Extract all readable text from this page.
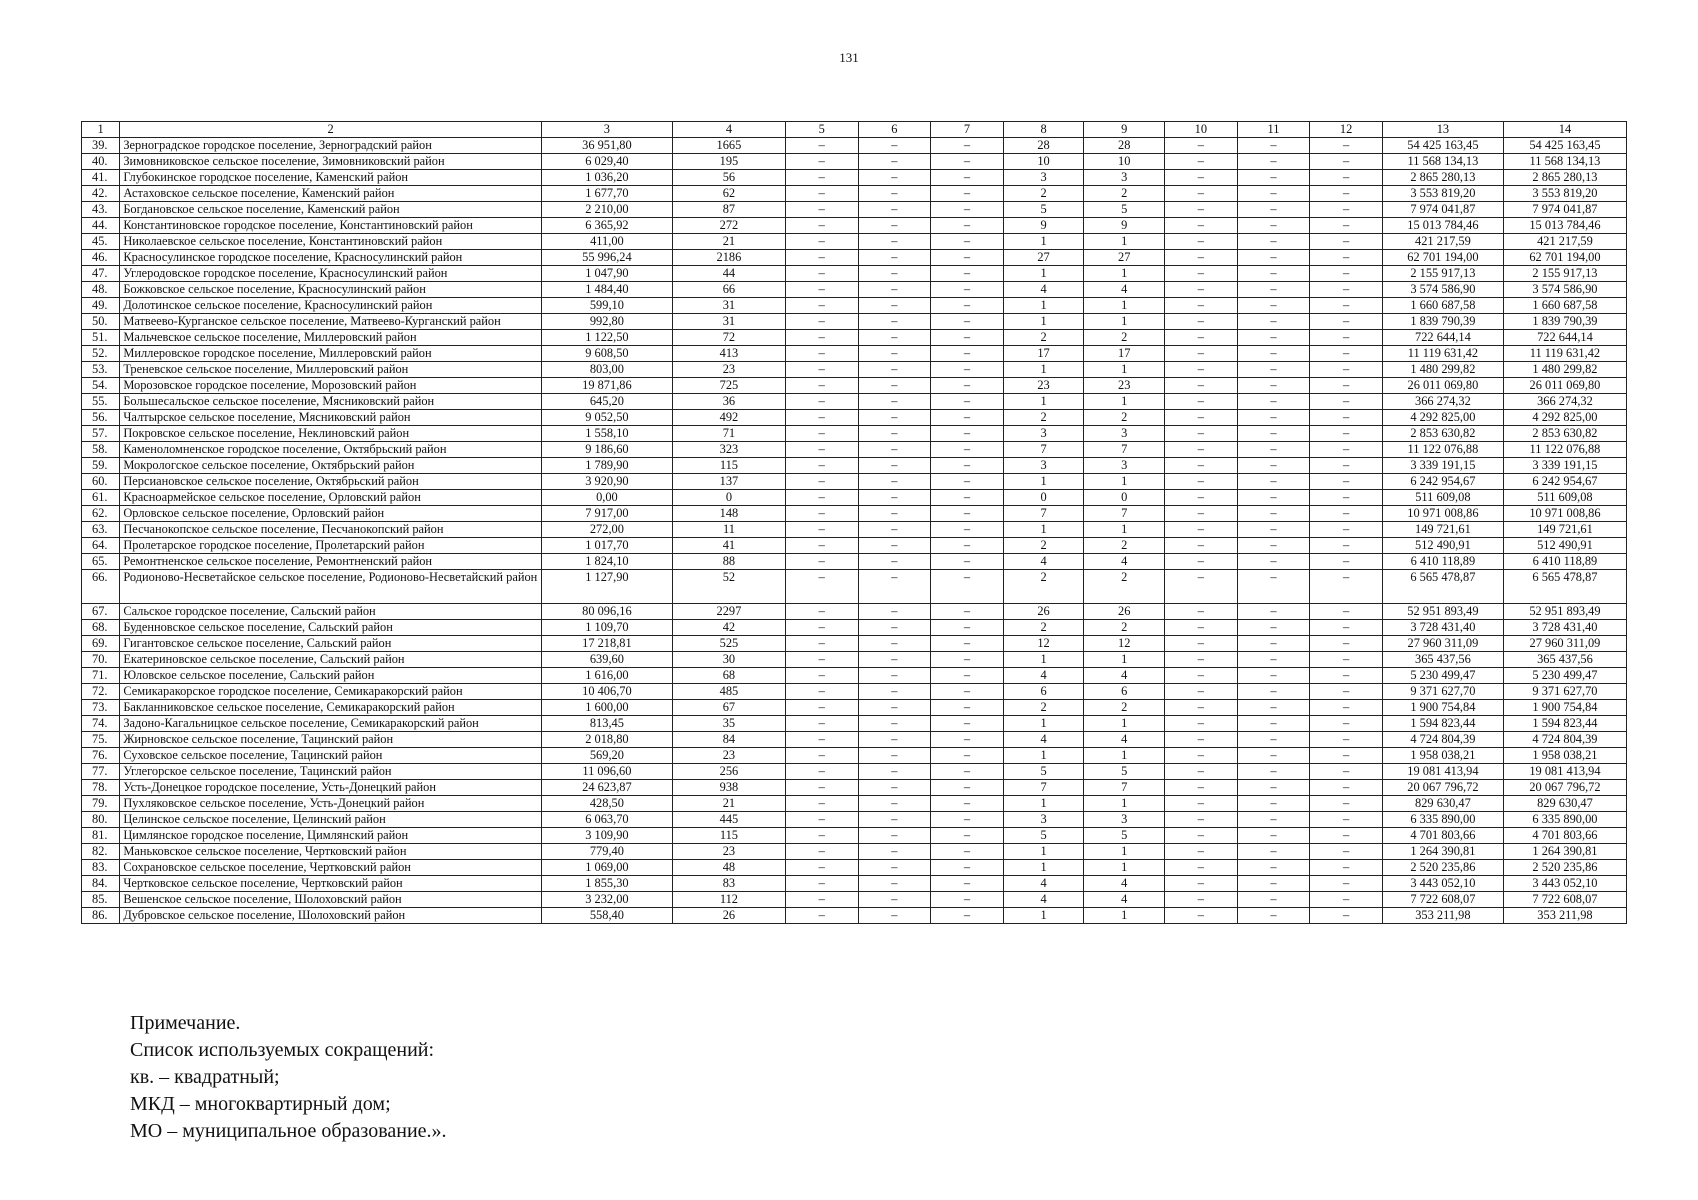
131
1	2	3	4	5	6	7	8	9	10	11	12	13	14
39.	Зерноградское городское поселение, Зерноградский район	36 951,80	1665	–	–	–	28	28	–	–	–	54 425 163,45	54 425 163,45
40.	Зимовниковское сельское поселение, Зимовниковский район	6 029,40	195	–	–	–	10	10	–	–	–	11 568 134,13	11 568 134,13
41.	Глубокинское городское поселение, Каменский район	1 036,20	56	–	–	–	3	3	–	–	–	2 865 280,13	2 865 280,13
42.	Астаховское сельское поселение, Каменский район	1 677,70	62	–	–	–	2	2	–	–	–	3 553 819,20	3 553 819,20
43.	Богдановское сельское поселение, Каменский район	2 210,00	87	–	–	–	5	5	–	–	–	7 974 041,87	7 974 041,87
44.	Константиновское городское поселение, Константиновский район	6 365,92	272	–	–	–	9	9	–	–	–	15 013 784,46	15 013 784,46
45.	Николаевское сельское поселение, Константиновский район	411,00	21	–	–	–	1	1	–	–	–	421 217,59	421 217,59
46.	Красносулинское городское поселение, Красносулинский район	55 996,24	2186	–	–	–	27	27	–	–	–	62 701 194,00	62 701 194,00
47.	Углеродовское городское поселение, Красносулинский район	1 047,90	44	–	–	–	1	1	–	–	–	2 155 917,13	2 155 917,13
48.	Божковское сельское поселение, Красносулинский район	1 484,40	66	–	–	–	4	4	–	–	–	3 574 586,90	3 574 586,90
49.	Долотинское сельское поселение, Красносулинский район	599,10	31	–	–	–	1	1	–	–	–	1 660 687,58	1 660 687,58
50.	Матвеево-Курганское сельское поселение, Матвеево-Курганский район	992,80	31	–	–	–	1	1	–	–	–	1 839 790,39	1 839 790,39
51.	Мальчевское сельское поселение, Миллеровский район	1 122,50	72	–	–	–	2	2	–	–	–	722 644,14	722 644,14
52.	Миллеровское городское поселение, Миллеровский район	9 608,50	413	–	–	–	17	17	–	–	–	11 119 631,42	11 119 631,42
53.	Треневское сельское поселение, Миллеровский район	803,00	23	–	–	–	1	1	–	–	–	1 480 299,82	1 480 299,82
54.	Морозовское городское поселение, Морозовский район	19 871,86	725	–	–	–	23	23	–	–	–	26 011 069,80	26 011 069,80
55.	Большесальское сельское поселение, Мясниковский район	645,20	36	–	–	–	1	1	–	–	–	366 274,32	366 274,32
56.	Чалтырское сельское поселение, Мясниковский район	9 052,50	492	–	–	–	2	2	–	–	–	4 292 825,00	4 292 825,00
57.	Покровское сельское поселение, Неклиновский район	1 558,10	71	–	–	–	3	3	–	–	–	2 853 630,82	2 853 630,82
58.	Каменоломненское городское поселение, Октябрьский район	9 186,60	323	–	–	–	7	7	–	–	–	11 122 076,88	11 122 076,88
59.	Мокрологское сельское поселение, Октябрьский район	1 789,90	115	–	–	–	3	3	–	–	–	3 339 191,15	3 339 191,15
60.	Персиановское сельское поселение, Октябрьский район	3 920,90	137	–	–	–	1	1	–	–	–	6 242 954,67	6 242 954,67
61.	Красноармейское сельское поселение, Орловский район	0,00	0	–	–	–	0	0	–	–	–	511 609,08	511 609,08
62.	Орловское сельское поселение, Орловский район	7 917,00	148	–	–	–	7	7	–	–	–	10 971 008,86	10 971 008,86
63.	Песчанокопское сельское поселение, Песчанокопский район	272,00	11	–	–	–	1	1	–	–	–	149 721,61	149 721,61
64.	Пролетарское городское поселение, Пролетарский район	1 017,70	41	–	–	–	2	2	–	–	–	512 490,91	512 490,91
65.	Ремонтненское сельское поселение, Ремонтненский район	1 824,10	88	–	–	–	4	4	–	–	–	6 410 118,89	6 410 118,89
66.	Родионово-Несветайское сельское поселение, Родионово-Несветайский район	1 127,90	52	–	–	–	2	2	–	–	–	6 565 478,87	6 565 478,87
67.	Сальское городское поселение, Сальский район	80 096,16	2297	–	–	–	26	26	–	–	–	52 951 893,49	52 951 893,49
68.	Буденновское сельское поселение, Сальский район	1 109,70	42	–	–	–	2	2	–	–	–	3 728 431,40	3 728 431,40
69.	Гигантовское сельское поселение, Сальский район	17 218,81	525	–	–	–	12	12	–	–	–	27 960 311,09	27 960 311,09
70.	Екатериновское сельское поселение, Сальский район	639,60	30	–	–	–	1	1	–	–	–	365 437,56	365 437,56
71.	Юловское сельское поселение, Сальский район	1 616,00	68	–	–	–	4	4	–	–	–	5 230 499,47	5 230 499,47
72.	Семикаракорское городское поселение, Семикаракорский район	10 406,70	485	–	–	–	6	6	–	–	–	9 371 627,70	9 371 627,70
73.	Бакланниковское сельское поселение, Семикаракорский район	1 600,00	67	–	–	–	2	2	–	–	–	1 900 754,84	1 900 754,84
74.	Задоно-Кагальницкое сельское поселение, Семикаракорский район	813,45	35	–	–	–	1	1	–	–	–	1 594 823,44	1 594 823,44
75.	Жирновское сельское поселение, Тацинский район	2 018,80	84	–	–	–	4	4	–	–	–	4 724 804,39	4 724 804,39
76.	Суховское сельское поселение, Тацинский район	569,20	23	–	–	–	1	1	–	–	–	1 958 038,21	1 958 038,21
77.	Углегорское сельское поселение, Тацинский район	11 096,60	256	–	–	–	5	5	–	–	–	19 081 413,94	19 081 413,94
78.	Усть-Донецкое городское поселение, Усть-Донецкий район	24 623,87	938	–	–	–	7	7	–	–	–	20 067 796,72	20 067 796,72
79.	Пухляковское сельское поселение, Усть-Донецкий район	428,50	21	–	–	–	1	1	–	–	–	829 630,47	829 630,47
80.	Целинское сельское поселение, Целинский район	6 063,70	445	–	–	–	3	3	–	–	–	6 335 890,00	6 335 890,00
81.	Цимлянское городское поселение, Цимлянский район	3 109,90	115	–	–	–	5	5	–	–	–	4 701 803,66	4 701 803,66
82.	Маньковское сельское поселение, Чертковский район	779,40	23	–	–	–	1	1	–	–	–	1 264 390,81	1 264 390,81
83.	Сохрановское сельское поселение, Чертковский район	1 069,00	48	–	–	–	1	1	–	–	–	2 520 235,86	2 520 235,86
84.	Чертковское сельское поселение, Чертковский район	1 855,30	83	–	–	–	4	4	–	–	–	3 443 052,10	3 443 052,10
85.	Вешенское сельское поселение, Шолоховский район	3 232,00	112	–	–	–	4	4	–	–	–	7 722 608,07	7 722 608,07
86.	Дубровское сельское поселение, Шолоховский район	558,40	26	–	–	–	1	1	–	–	–	353 211,98	353 211,98
Примечание.
Список используемых сокращений:
кв. – квадратный;
МКД – многоквартирный дом;
МО – муниципальное образование.».
